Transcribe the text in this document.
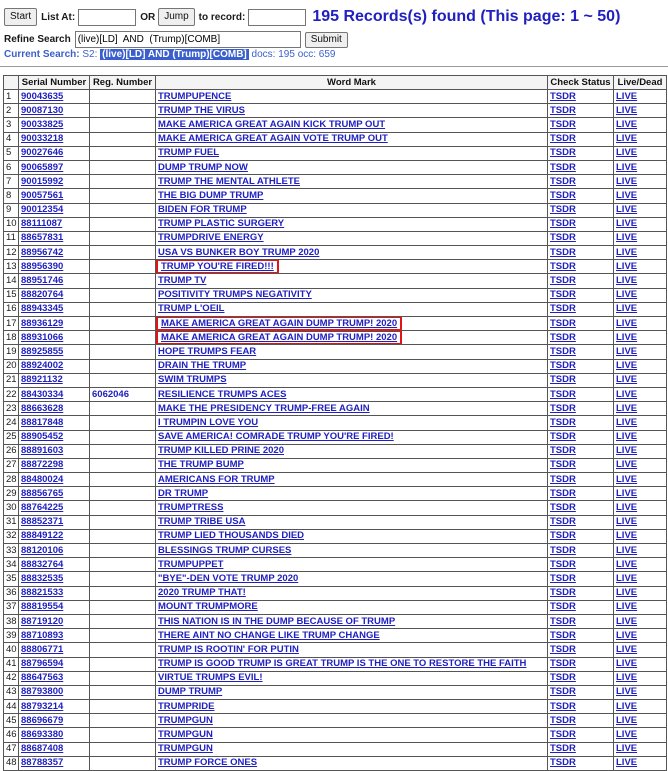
Start	List At:	OR Jump	to record:	195 Records(s) found (This page: 1 ~ 50)
Refine Search
(live)[LD] AND (Trump)[COMB]	Submit
Current Search: S2: (live)[LD] AND (Trump)[COMB] docs: 195 occ: 659
	Serial Number	Reg. Number	Word Mark	Check Status	Live/Dead
1	90043635		TRUMPUPENCE	TSDR	LIVE
2	90087130		TRUMP THE VIRUS	TSDR	LIVE
3	90033825		MAKE AMERICA GREAT AGAIN KICK TRUMP OUT	TSDR	LIVE
4	90033218		MAKE AMERICA GREAT AGAIN VOTE TRUMP OUT	TSDR	LIVE
5	90027646		TRUMP FUEL	TSDR	LIVE
6	90065897		DUMP TRUMP NOW	TSDR	LIVE
7	90015992		TRUMP THE MENTAL ATHLETE	TSDR	LIVE
8	90057561		THE BIG DUMP TRUMP	TSDR	LIVE
9	90012354		BIDEN FOR TRUMP	TSDR	LIVE
10	88111087		TRUMP PLASTIC SURGERY	TSDR	LIVE
11	88657831		TRUMPDRIVE ENERGY	TSDR	LIVE
12	88956742		USA VS BUNKER BOY TRUMP 2020	TSDR	LIVE
13	88956390		TRUMP YOU'RE FIRED!!!	TSDR	LIVE
14	88951746		TRUMP TV	TSDR	LIVE
15	88820764		POSITIVITY TRUMPS NEGATIVITY	TSDR	LIVE
16	88943345		TRUMP L'OEIL	TSDR	LIVE
17	88936129		MAKE AMERICA GREAT AGAIN DUMP TRUMP! 2020	TSDR	LIVE
18	88931066		MAKE AMERICA GREAT AGAIN DUMP TRUMP! 2020	TSDR	LIVE
19	88925855		HOPE TRUMPS FEAR	TSDR	LIVE
20	88924002		DRAIN THE TRUMP	TSDR	LIVE
21	88921132		SWIM TRUMPS	TSDR	LIVE
22	88430334	6062046	RESILIENCE TRUMPS ACES	TSDR	LIVE
23	88663628		MAKE THE PRESIDENCY TRUMP-FREE AGAIN	TSDR	LIVE
24	88817848		I TRUMPIN LOVE YOU	TSDR	LIVE
25	88905452		SAVE AMERICA! COMRADE TRUMP YOU'RE FIRED!	TSDR	LIVE
26	88891603		TRUMP KILLED PRINE 2020	TSDR	LIVE
27	88872298		THE TRUMP BUMP	TSDR	LIVE
28	88480024		AMERICANS FOR TRUMP	TSDR	LIVE
29	88856765		DR TRUMP	TSDR	LIVE
30	88764225		TRUMPTRESS	TSDR	LIVE
31	88852371		TRUMP TRIBE USA	TSDR	LIVE
32	88849122		TRUMP LIED THOUSANDS DIED	TSDR	LIVE
33	88120106		BLESSINGS TRUMP CURSES	TSDR	LIVE
34	88832764		TRUMPUPPET	TSDR	LIVE
35	88832535		"BYE"-DEN VOTE TRUMP 2020	TSDR	LIVE
36	88821533		2020 TRUMP THAT!	TSDR	LIVE
37	88819554		MOUNT TRUMPMORE	TSDR	LIVE
38	88719120		THIS NATION IS IN THE DUMP BECAUSE OF TRUMP	TSDR	LIVE
39	88710893		THERE AINT NO CHANGE LIKE TRUMP CHANGE	TSDR	LIVE
40	88806771		TRUMP IS ROOTIN' FOR PUTIN	TSDR	LIVE
41	88796594		TRUMP IS GOOD TRUMP IS GREAT TRUMP IS THE ONE TO RESTORE THE FAITH	TSDR	LIVE
42	88647563		VIRTUE TRUMPS EVIL!	TSDR	LIVE
43	88793800		DUMP TRUMP	TSDR	LIVE
44	88793214		TRUMPRIDE	TSDR	LIVE
45	88696679		TRUMPGUN	TSDR	LIVE
46	88693380		TRUMPGUN	TSDR	LIVE
47	88687408		TRUMPGUN	TSDR	LIVE
48	88788357		TRUMP FORCE ONES	TSDR	LIVE
